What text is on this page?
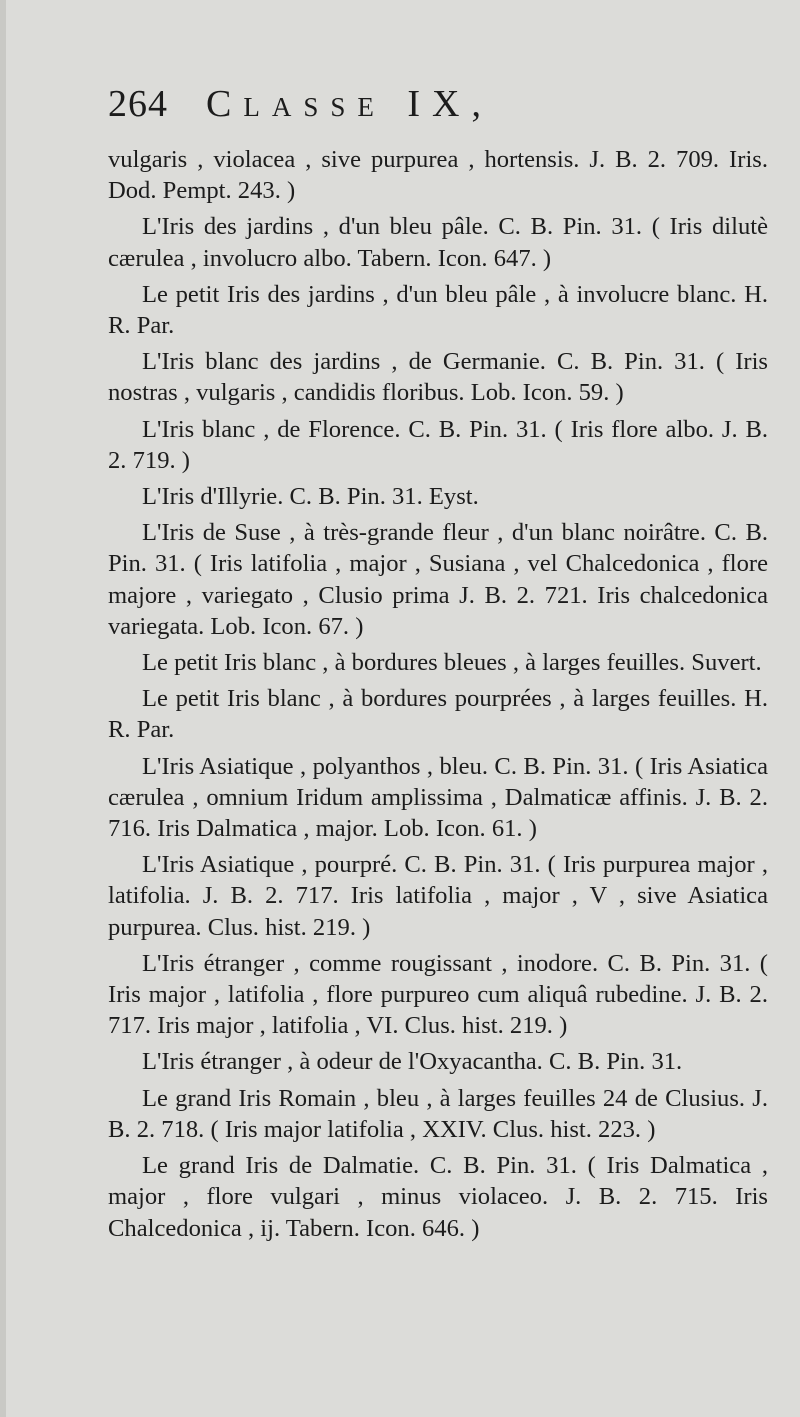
264 CLASSE IX,

vulgaris , violacea , sive purpurea , hortensis. J. B. 2. 709. Iris. Dod. Pempt. 243. )

L'Iris des jardins , d'un bleu pâle. C. B. Pin. 31. ( Iris dilutè cærulea , involucro albo. Tabern. Icon. 647. )

Le petit Iris des jardins , d'un bleu pâle , à involucre blanc. H. R. Par.

L'Iris blanc des jardins , de Germanie. C. B. Pin. 31. ( Iris nostras , vulgaris , candidis floribus. Lob. Icon. 59. )

L'Iris blanc , de Florence. C. B. Pin. 31. ( Iris flore albo. J. B. 2. 719. )

L'Iris d'Illyrie. C. B. Pin. 31. Eyst.

L'Iris de Suse , à très-grande fleur , d'un blanc noirâtre. C. B. Pin. 31. ( Iris latifolia , major , Susiana , vel Chalcedonica , flore majore , variegato , Clusio prima J. B. 2. 721. Iris chalcedonica variegata. Lob. Icon. 67. )

Le petit Iris blanc , à bordures bleues , à larges feuilles. Suvert.

Le petit Iris blanc , à bordures pourprées , à larges feuilles. H. R. Par.

L'Iris Asiatique , polyanthos , bleu. C. B. Pin. 31. ( Iris Asiatica cærulea , omnium Iridum amplissima , Dalmaticæ affinis. J. B. 2. 716. Iris Dalmatica , major. Lob. Icon. 61. )

L'Iris Asiatique , pourpré. C. B. Pin. 31. ( Iris purpurea major , latifolia. J. B. 2. 717. Iris latifolia , major , V , sive Asiatica purpurea. Clus. hist. 219. )

L'Iris étranger , comme rougissant , inodore. C. B. Pin. 31. ( Iris major , latifolia , flore purpureo cum aliquâ rubedine. J. B. 2. 717. Iris major , latifolia , VI. Clus. hist. 219. )

L'Iris étranger , à odeur de l'Oxyacantha. C. B. Pin. 31.

Le grand Iris Romain , bleu , à larges feuilles 24 de Clusius. J. B. 2. 718. ( Iris major latifolia , XXIV. Clus. hist. 223. )

Le grand Iris de Dalmatie. C. B. Pin. 31. ( Iris Dalmatica , major , flore vulgari , minus violaceo. J. B. 2. 715. Iris Chalcedonica , ij. Tabern. Icon. 646. )
